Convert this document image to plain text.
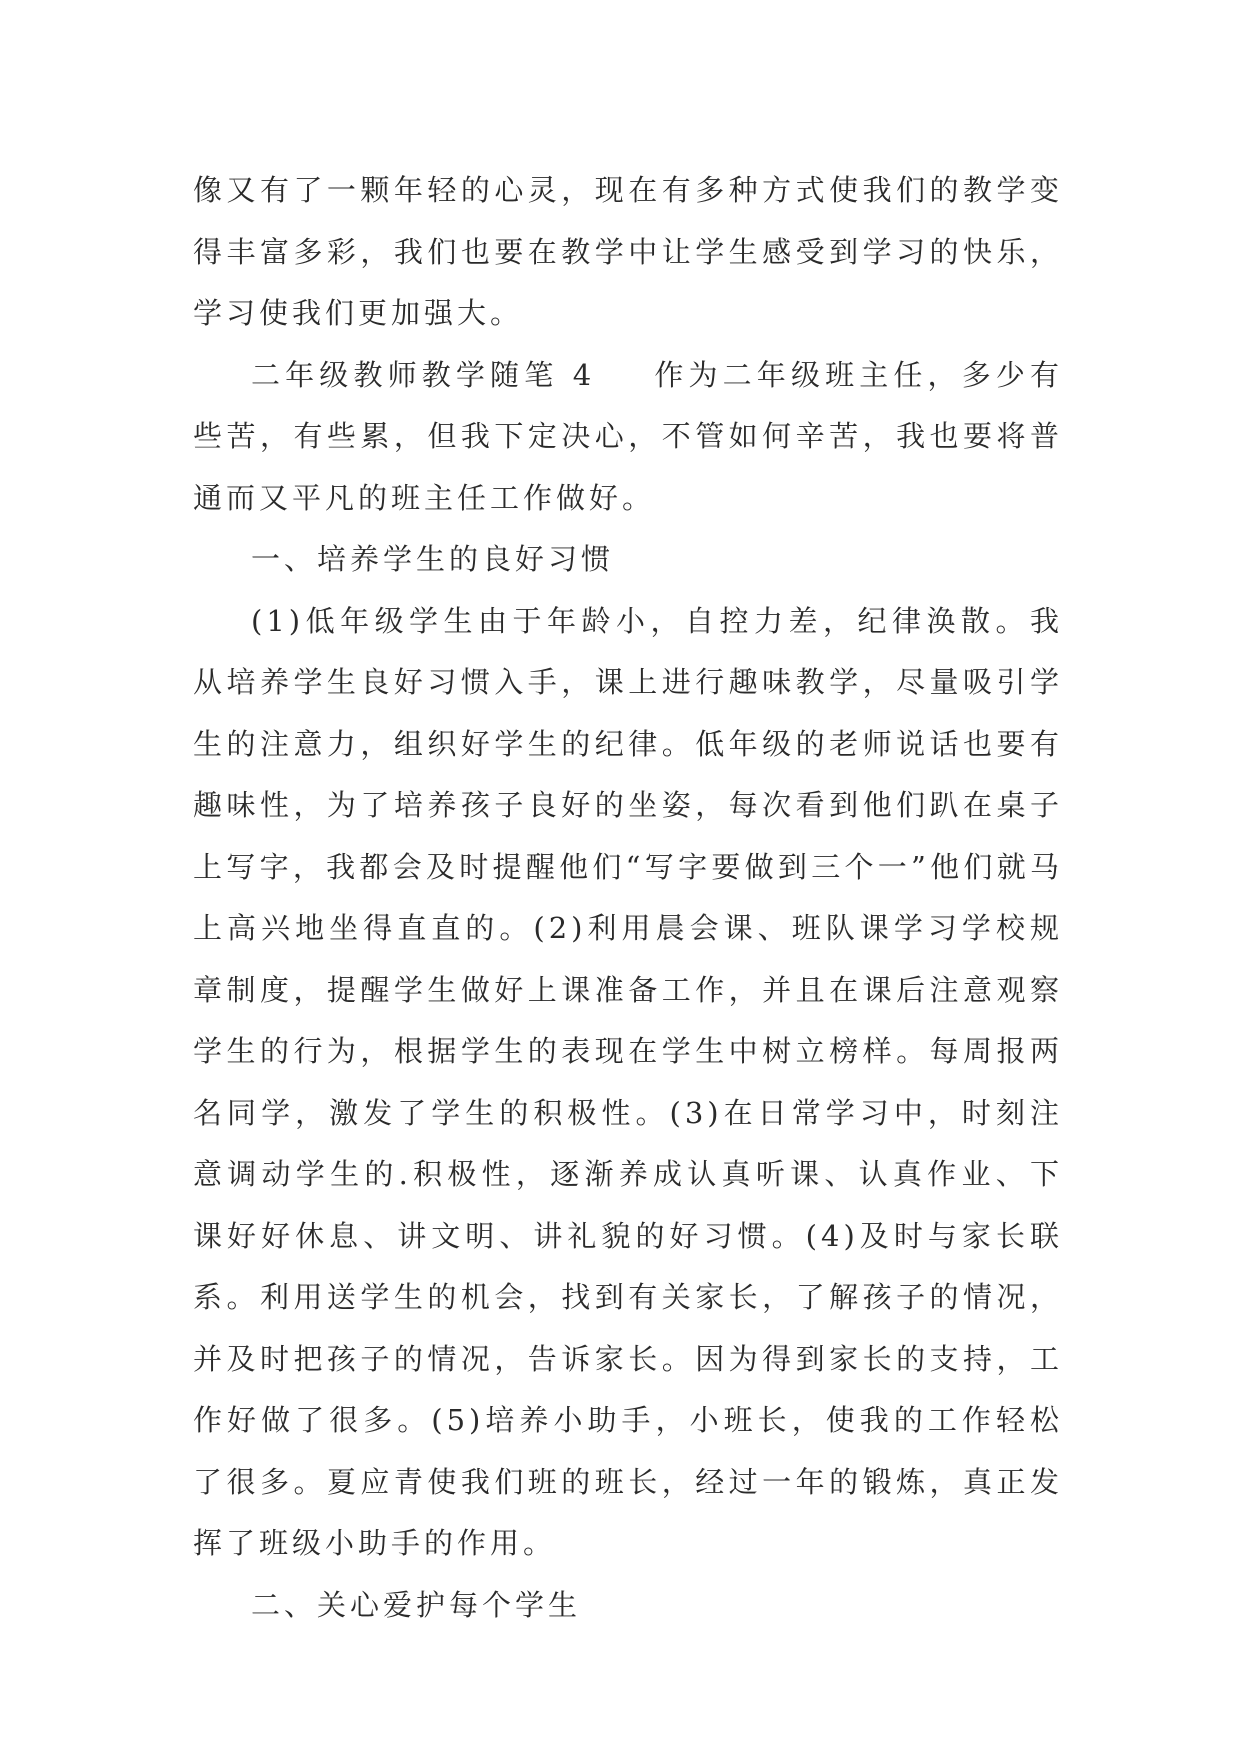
像又有了一颗年轻的心灵，现在有多种方式使我们的教学变得丰富多彩，我们也要在教学中让学生感受到学习的快乐，学习使我们更加强大。

二年级教师教学随笔 4 作为二年级班主任，多少有些苦，有些累，但我下定决心，不管如何辛苦，我也要将普通而又平凡的班主任工作做好。

一、培养学生的良好习惯

(1)低年级学生由于年龄小，自控力差，纪律涣散。我从培养学生良好习惯入手，课上进行趣味教学，尽量吸引学生的注意力，组织好学生的纪律。低年级的老师说话也要有趣味性，为了培养孩子良好的坐姿，每次看到他们趴在桌子上写字，我都会及时提醒他们“写字要做到三个一”他们就马上高兴地坐得直直的。(2)利用晨会课、班队课学习学校规章制度，提醒学生做好上课准备工作，并且在课后注意观察学生的行为，根据学生的表现在学生中树立榜样。每周报两名同学，激发了学生的积极性。(3)在日常学习中，时刻注意调动学生的.积极性，逐渐养成认真听课、认真作业、下课好好休息、讲文明、讲礼貌的好习惯。(4)及时与家长联系。利用送学生的机会，找到有关家长，了解孩子的情况，并及时把孩子的情况，告诉家长。因为得到家长的支持，工作好做了很多。(5)培养小助手，小班长，使我的工作轻松了很多。夏应青使我们班的班长，经过一年的锻炼，真正发挥了班级小助手的作用。

二、关心爱护每个学生
